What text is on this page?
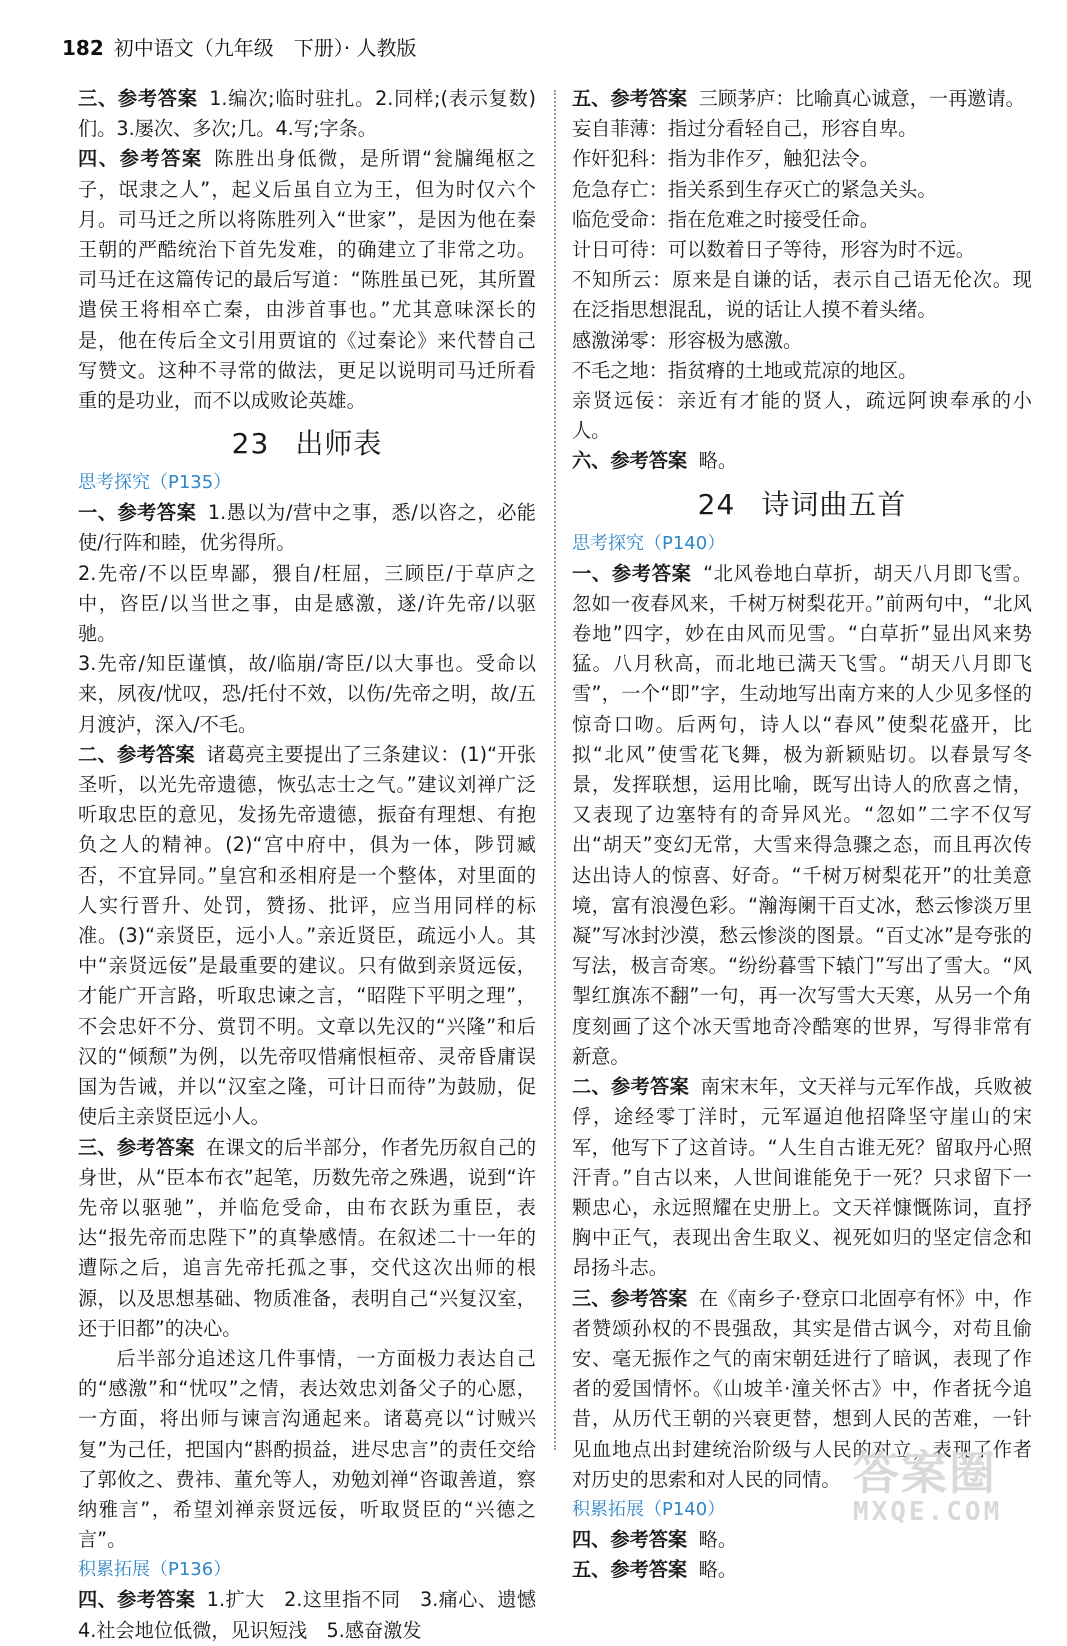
182 初中语文（九年级　下册）· 人教版

三、参考答案 1.编次;临时驻扎。2.同样;(表示复数)们。3.屡次、多次;几。4.写;字条。

四、参考答案 陈胜出身低微，是所谓“瓮牖绳枢之子，氓隶之人”，起义后虽自立为王，但为时仅六个月。司马迁之所以将陈胜列入“世家”，是因为他在秦王朝的严酷统治下首先发难，的确建立了非常之功。司马迁在这篇传记的最后写道：“陈胜虽已死，其所置遣侯王将相卒亡秦，由涉首事也。”尤其意味深长的是，他在传后全文引用贾谊的《过秦论》来代替自己写赞文。这种不寻常的做法，更足以说明司马迁所看重的是功业，而不以成败论英雄。

23 出师表
思考探究（P135）

一、参考答案 1.愚以为/营中之事，悉/以咨之，必能使/行阵和睦，优劣得所。

2.先帝/不以臣卑鄙，猥自/枉屈，三顾臣/于草庐之中，咨臣/以当世之事，由是感激，遂/许先帝/以驱驰。

3.先帝/知臣谨慎，故/临崩/寄臣/以大事也。受命以来，夙夜/忧叹，恐/托付不效，以伤/先帝之明，故/五月渡泸，深入/不毛。

二、参考答案 诸葛亮主要提出了三条建议：(1)“开张圣听，以光先帝遗德，恢弘志士之气。”建议刘禅广泛听取忠臣的意见，发扬先帝遗德，振奋有理想、有抱负之人的精神。(2)“宫中府中，俱为一体，陟罚臧否，不宜异同。”皇宫和丞相府是一个整体，对里面的人实行晋升、处罚，赞扬、批评，应当用同样的标准。(3)“亲贤臣，远小人。”亲近贤臣，疏远小人。其中“亲贤远佞”是最重要的建议。只有做到亲贤远佞，才能广开言路，听取忠谏之言，“昭陛下平明之理”，不会忠奸不分、赏罚不明。文章以先汉的“兴隆”和后汉的“倾颓”为例，以先帝叹惜痛恨桓帝、灵帝昏庸误国为告诫，并以“汉室之隆，可计日而待”为鼓励，促使后主亲贤臣远小人。

三、参考答案 在课文的后半部分，作者先历叙自己的身世，从“臣本布衣”起笔，历数先帝之殊遇，说到“许先帝以驱驰”，并临危受命，由布衣跃为重臣，表达“报先帝而忠陛下”的真挚感情。在叙述二十一年的遭际之后，追言先帝托孤之事，交代这次出师的根源，以及思想基础、物质准备，表明自己“兴复汉室，还于旧都”的决心。

后半部分追述这几件事情，一方面极力表达自己的“感激”和“忧叹”之情，表达效忠刘备父子的心愿，一方面，将出师与谏言沟通起来。诸葛亮以“讨贼兴复”为己任，把国内“斟酌损益，进尽忠言”的责任交给了郭攸之、费祎、董允等人，劝勉刘禅“咨诹善道，察纳雅言”，希望刘禅亲贤远佞，听取贤臣的“兴德之言”。

积累拓展（P136）

四、参考答案 1.扩大　2.这里指不同　3.痛心、遗憾　4.社会地位低微，见识短浅　5.感奋激发

五、参考答案 三顾茅庐：比喻真心诚意，一再邀请。

妄自菲薄：指过分看轻自己，形容自卑。

作奸犯科：指为非作歹，触犯法令。

危急存亡：指关系到生存灭亡的紧急关头。

临危受命：指在危难之时接受任命。

计日可待：可以数着日子等待，形容为时不远。

不知所云：原来是自谦的话，表示自己语无伦次。现在泛指思想混乱，说的话让人摸不着头绪。

感激涕零：形容极为感激。

不毛之地：指贫瘠的土地或荒凉的地区。

亲贤远佞：亲近有才能的贤人，疏远阿谀奉承的小人。

六、参考答案 略。

24 诗词曲五首
思考探究（P140）

一、参考答案 “北风卷地白草折，胡天八月即飞雪。忽如一夜春风来，千树万树梨花开。”前两句中，“北风卷地”四字，妙在由风而见雪。“白草折”显出风来势猛。八月秋高，而北地已满天飞雪。“胡天八月即飞雪”，一个“即”字，生动地写出南方来的人少见多怪的惊奇口吻。后两句，诗人以“春风”使梨花盛开，比拟“北风”使雪花飞舞，极为新颖贴切。以春景写冬景，发挥联想，运用比喻，既写出诗人的欣喜之情，又表现了边塞特有的奇异风光。“忽如”二字不仅写出“胡天”变幻无常，大雪来得急骤之态，而且再次传达出诗人的惊喜、好奇。“千树万树梨花开”的壮美意境，富有浪漫色彩。“瀚海阑干百丈冰，愁云惨淡万里凝”写冰封沙漠，愁云惨淡的图景。“百丈冰”是夸张的写法，极言奇寒。“纷纷暮雪下辕门”写出了雪大。“风掣红旗冻不翻”一句，再一次写雪大天寒，从另一个角度刻画了这个冰天雪地奇冷酷寒的世界，写得非常有新意。

二、参考答案 南宋末年，文天祥与元军作战，兵败被俘，途经零丁洋时，元军逼迫他招降坚守崖山的宋军，他写下了这首诗。“人生自古谁无死？留取丹心照汗青。”自古以来，人世间谁能免于一死？只求留下一颗忠心，永远照耀在史册上。文天祥慷慨陈词，直抒胸中正气，表现出舍生取义、视死如归的坚定信念和昂扬斗志。

三、参考答案 在《南乡子·登京口北固亭有怀》中，作者赞颂孙权的不畏强敌，其实是借古讽今，对苟且偷安、毫无振作之气的南宋朝廷进行了暗讽，表现了作者的爱国情怀。《山坡羊·潼关怀古》中，作者抚今追昔，从历代王朝的兴衰更替，想到人民的苦难，一针见血地点出封建统治阶级与人民的对立，表现了作者对历史的思索和对人民的同情。

积累拓展（P140）

四、参考答案 略。

五、参考答案 略。

答案圈
MXQE.COM
